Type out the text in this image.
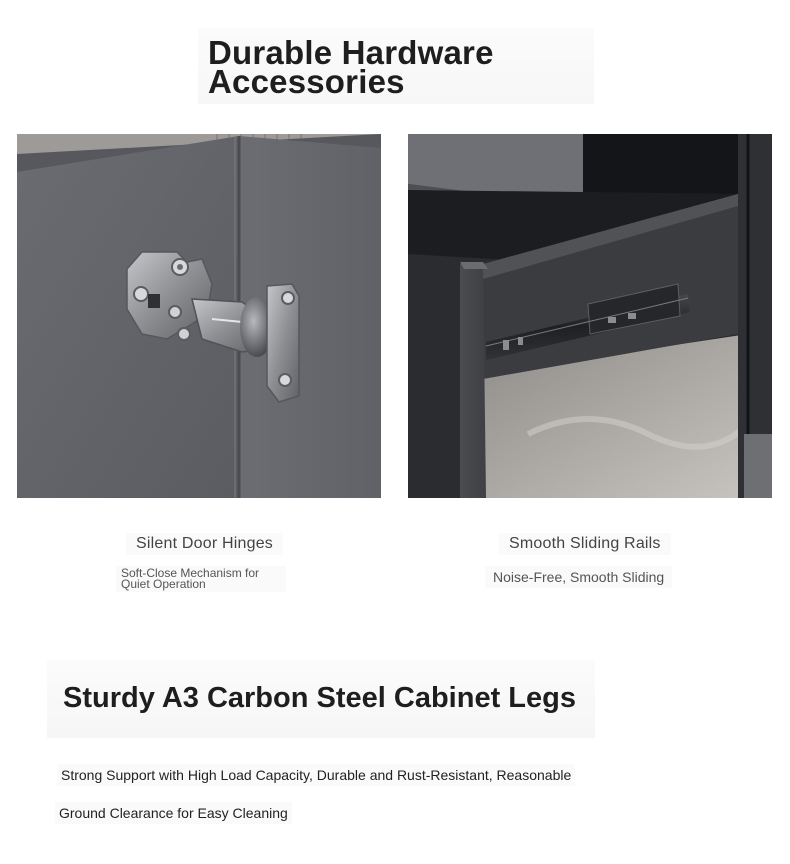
Durable Hardware Accessories
Silent Door Hinges
Soft-Close Mechanism for Quiet Operation
Smooth Sliding Rails
Noise-Free, Smooth Sliding
Sturdy A3 Carbon Steel Cabinet Legs
Strong Support with High Load Capacity, Durable and Rust-Resistant, Reasonable
Ground Clearance for Easy Cleaning
